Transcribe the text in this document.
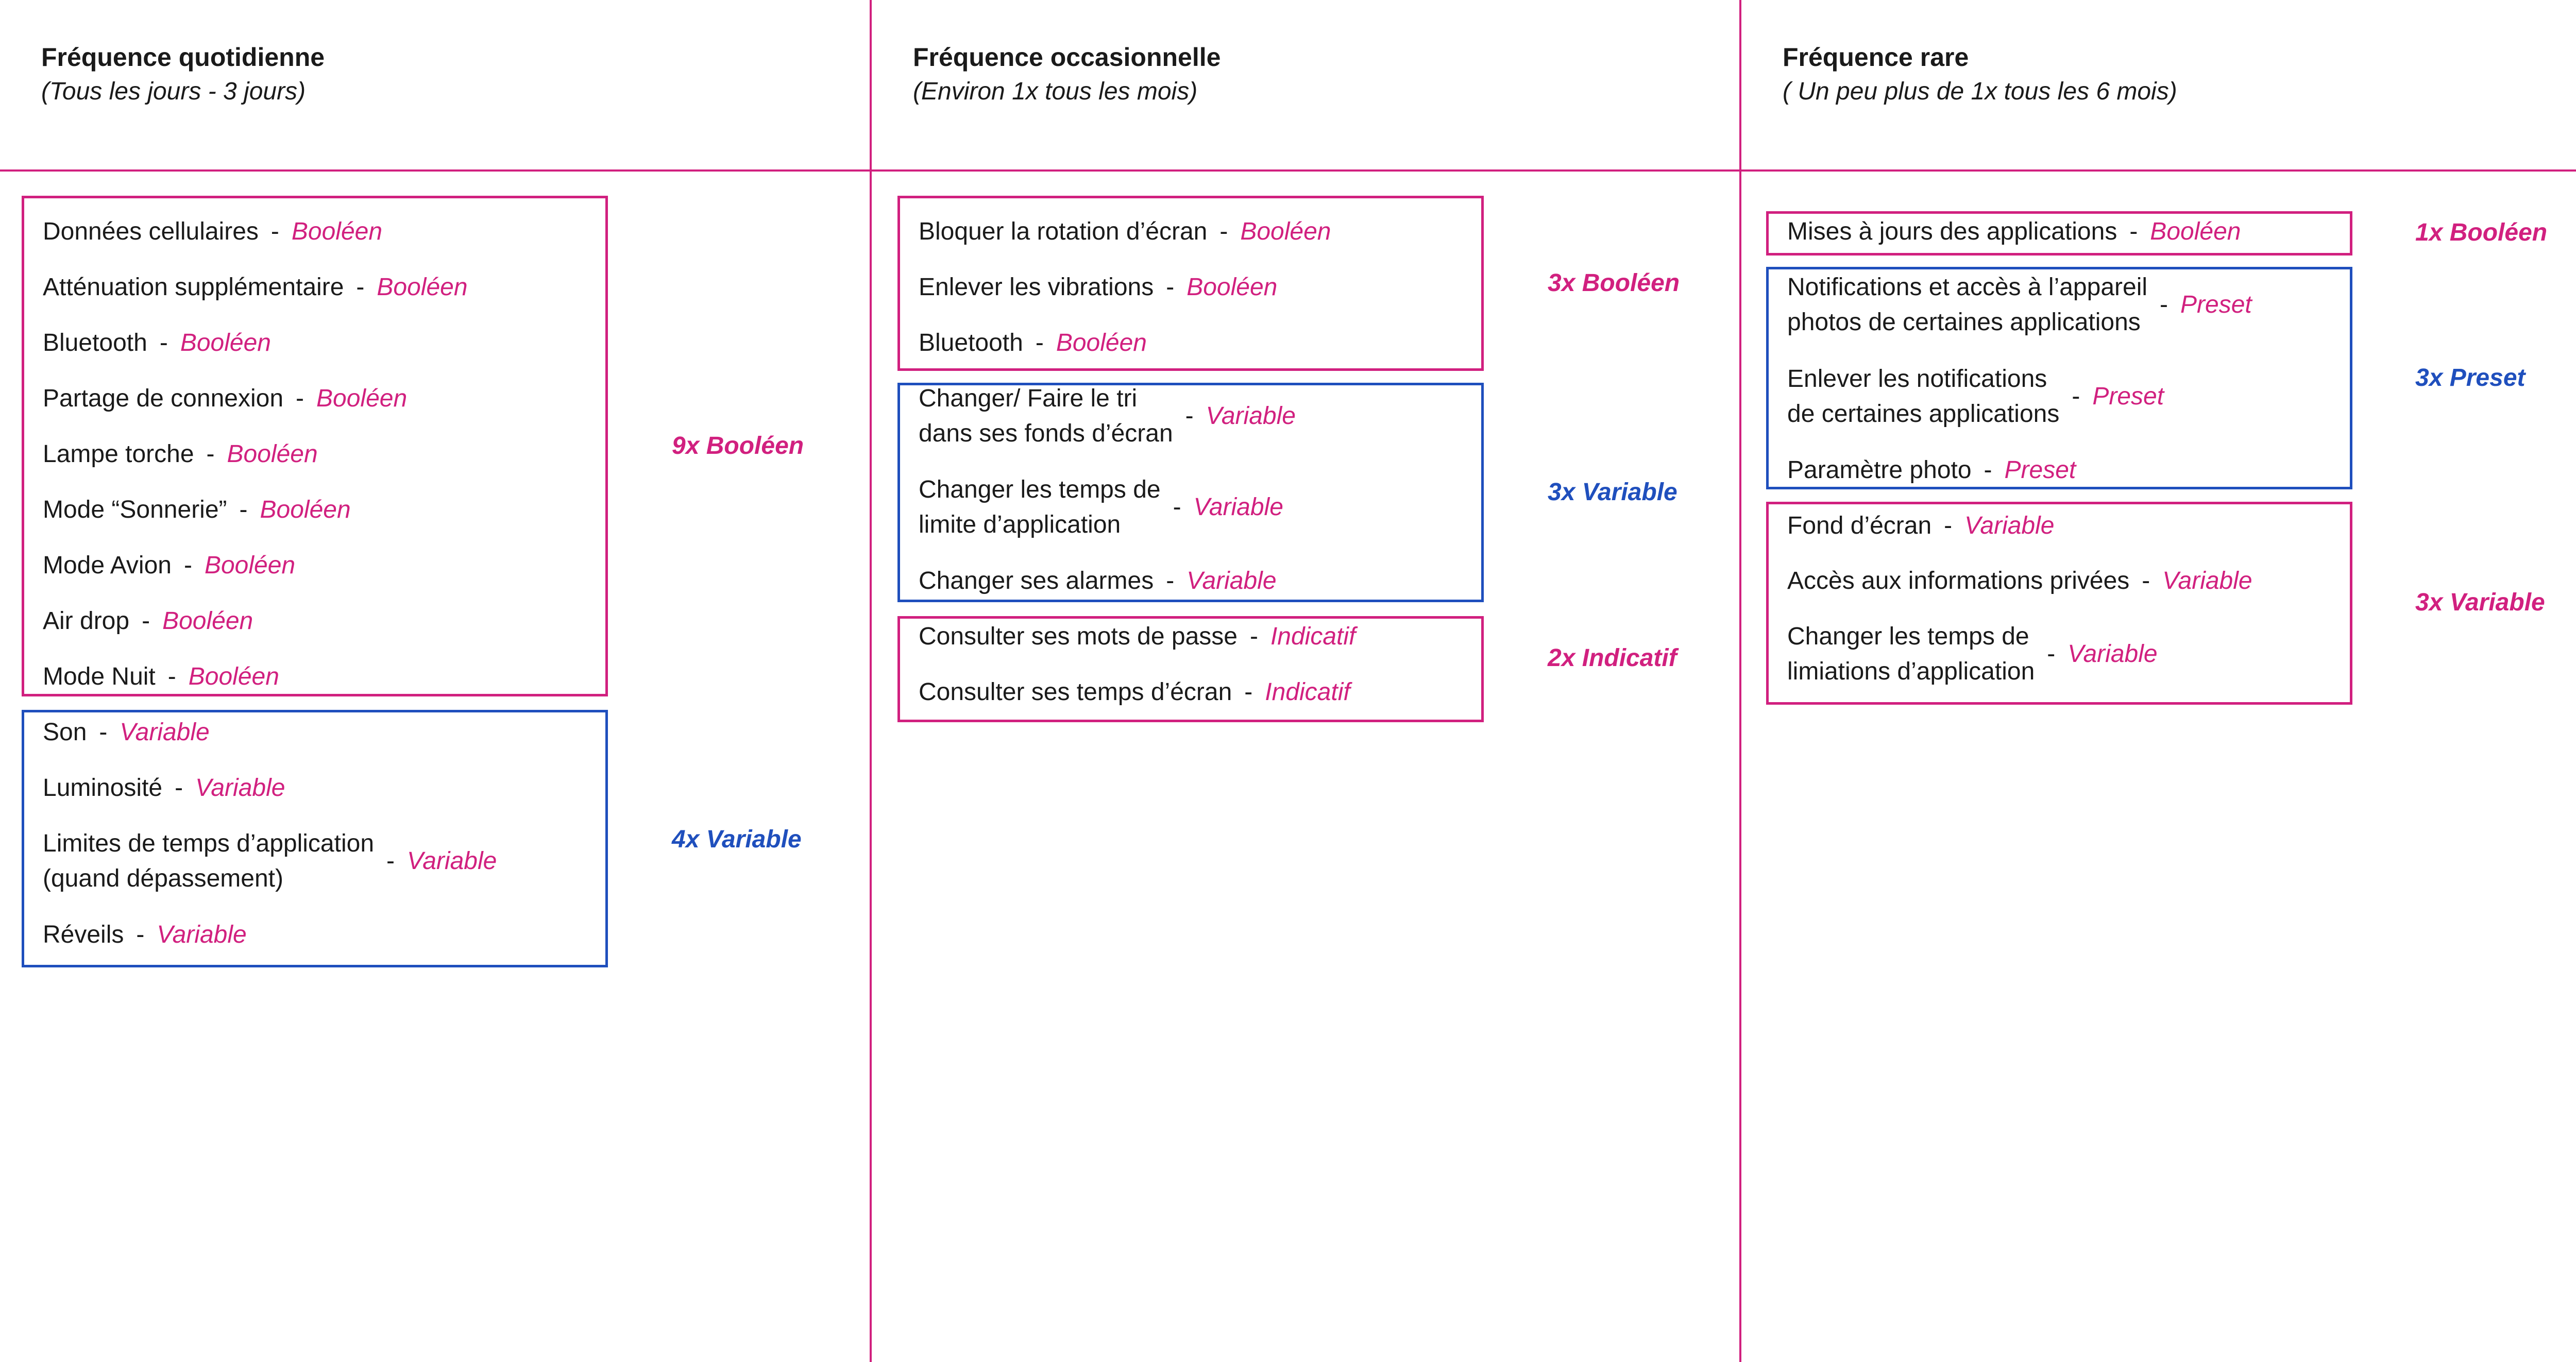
Fréquence quotidienne
(Tous les jours - 3 jours)
Données cellulaires - Booléen
Atténuation supplémentaire - Booléen
Bluetooth - Booléen
Partage de connexion - Booléen
Lampe torche - Booléen
Mode “Sonnerie” - Booléen
Mode Avion - Booléen
Air drop - Booléen
Mode Nuit - Booléen
9x Booléen
Son - Variable
Luminosité - Variable
Limites de temps d’application
(quand dépassement)
- Variable
Réveils - Variable
4x Variable
Fréquence occasionnelle
(Environ 1x tous les mois)
Bloquer la rotation d’écran - Booléen
Enlever les vibrations - Booléen
Bluetooth - Booléen
3x Booléen
Changer/ Faire le tri
dans ses fonds d’écran
- Variable
Changer les temps de
limite d’application
- Variable
Changer ses alarmes - Variable
3x Variable
Consulter ses mots de passe - Indicatif
Consulter ses temps d’écran - Indicatif
2x Indicatif
Fréquence rare
( Un peu plus de 1x tous les 6 mois)
Mises à jours des applications - Booléen	1x Booléen
Notifications et accès à l’appareil
photos de certaines applications
- Preset
Enlever les notifications
de certaines applications
- Preset
Paramètre photo - Preset
3x Preset
Fond d’écran - Variable
Accès aux informations privées - Variable
Changer les temps de
limiations d’application
- Variable
3x Variable
